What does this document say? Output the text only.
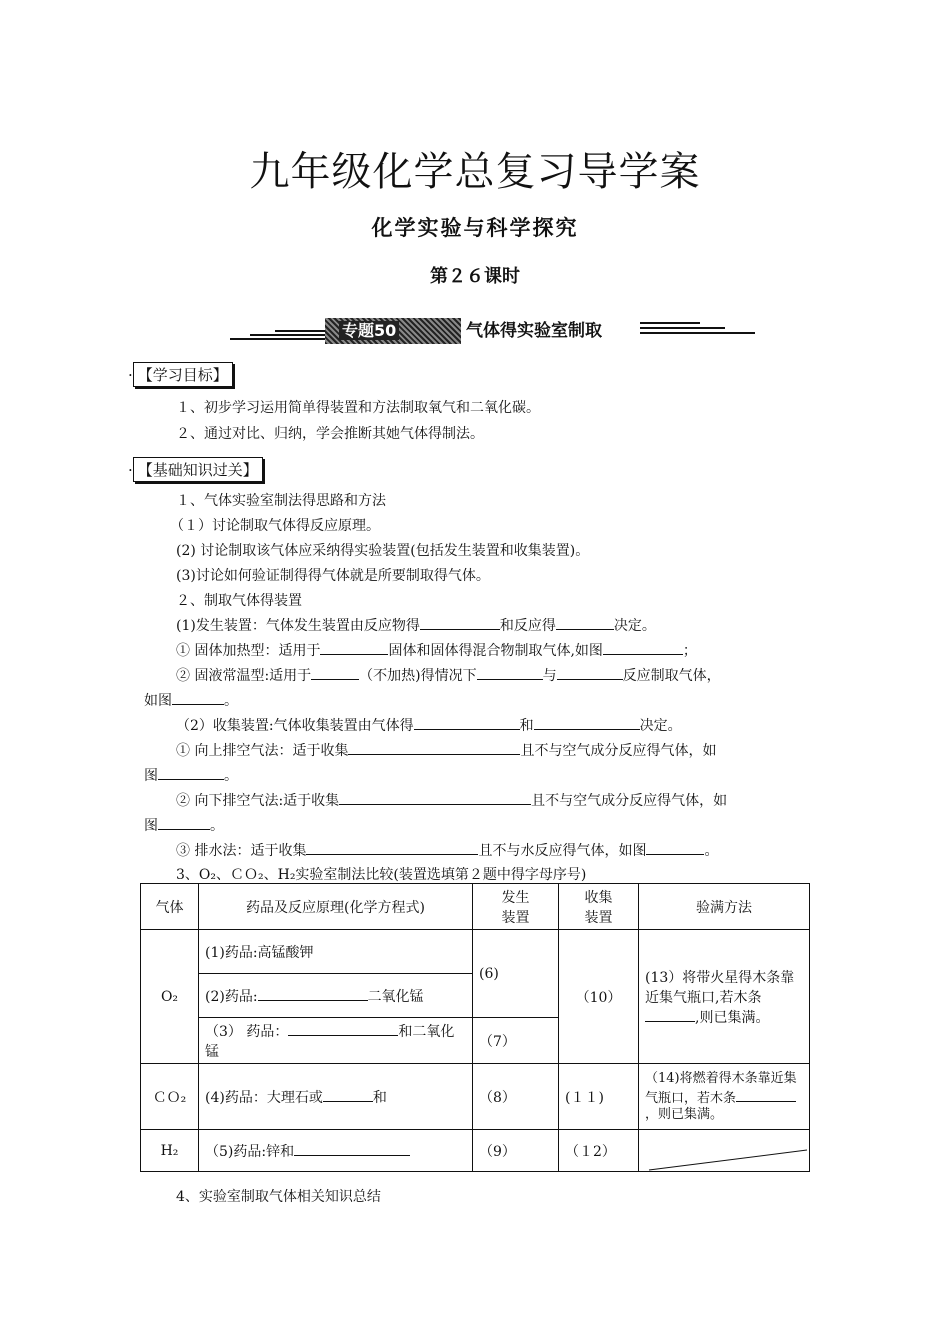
九年级化学总复习导学案
化学实验与科学探究
第２６课时
专题50	气体得实验室制取
· 【学习目标】
１、初步学习运用简单得装置和方法制取氧气和二氧化碳。
２、通过对比、归纳，学会推断其她气体得制法。
· 【基础知识过关】
１、气体实验室制法得思路和方法
（１）讨论制取气体得反应原理。
(2) 讨论制取该气体应采纳得实验装置(包括发生装置和收集装置)。
(3)讨论如何验证制得得气体就是所要制取得气体。
２、制取气体得装置
(1)发生装置：气体发生装置由反应物得	和反应得	决定。
① 固体加热型：适用于	固体和固体得混合物制取气体,如图	；
② 固液常温型:适用于	（不加热)得情况下	与	反应制取气体，
如图	。
（2）收集装置:气体收集装置由气体得	和	决定。
① 向上排空气法：适于收集	且不与空气成分反应得气体，如
图	。
② 向下排空气法:适于收集	且不与空气成分反应得气体，如
图	。
③ 排水法：适于收集	且不与水反应得气体，如图	。
3、O₂、ＣＯ₂、H₂实验室制法比较(装置选填第２题中得字母序号)
气体	药品及反应原理(化学方程式)	发生装置	收集装置	验满方法
O₂	(1)药品:高锰酸钾	(6)	（10）	(13）将带火星得木条靠近集气瓶口,若木条,则已集满。
	(2)药品: 二氧化锰			
	（3） 药品： 和二氧化锰	（7）		
ＣＯ₂	(4)药品：大理石或 和	（8）	(１１)	（14)将燃着得木条靠近集气瓶口，若木条，则已集满。
H₂	（5)药品:锌和	（9）	（１2）	
4、实验室制取气体相关知识总结
